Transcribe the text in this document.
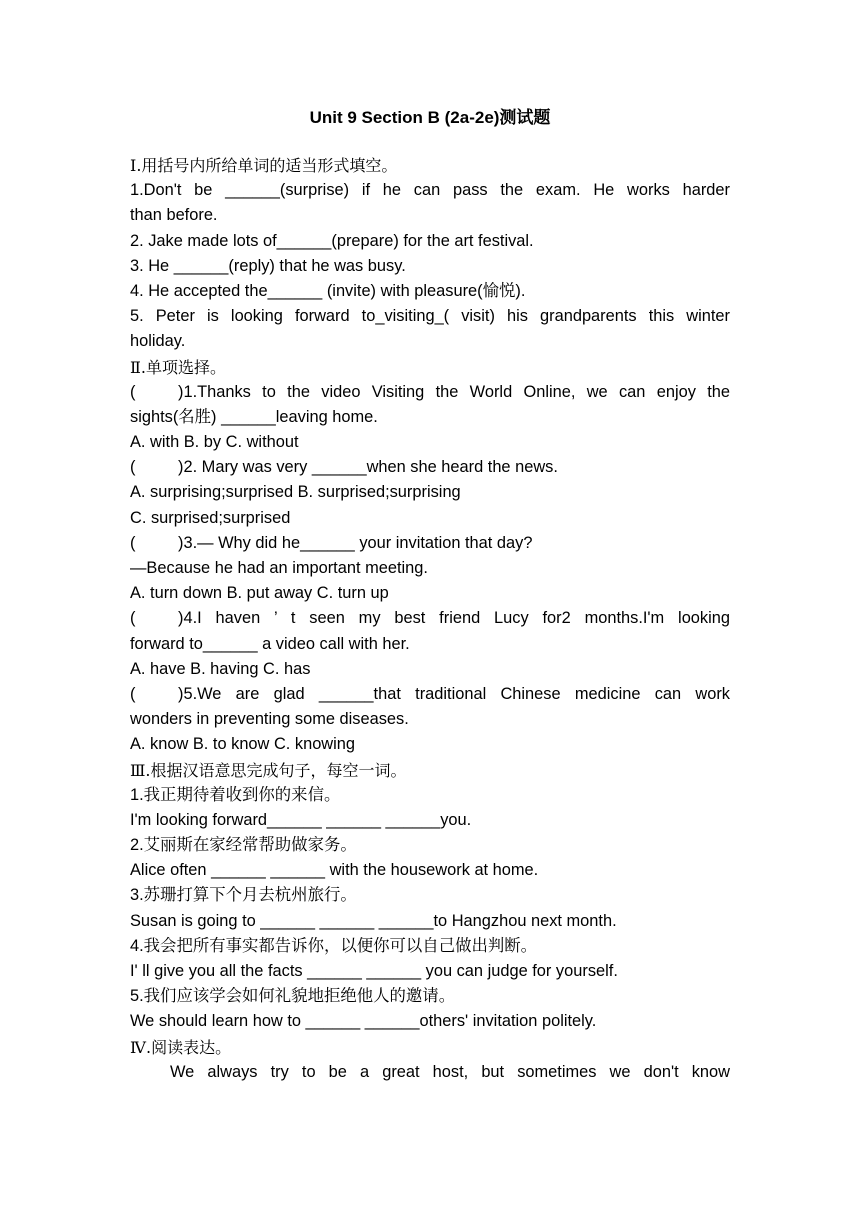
Unit 9 Section B (2a-2e)测试题
Ⅰ.用括号内所给单词的适当形式填空。
1.Don't be ______(surprise) if he can pass the exam. He works harder
than before.
2. Jake made lots of______(prepare) for the art festival.
3. He ______(reply) that he was busy.
4. He accepted the______ (invite) with pleasure(愉悦).
5. Peter is looking forward to_visiting_( visit) his grandparents this winter
holiday.
Ⅱ.单项选择。
(	)1.Thanks to the video Visiting the World Online, we can enjoy the
sights(名胜) ______leaving home.
A. with B. by C. without
(	)2. Mary was very ______when she heard the news.
A. surprising;surprised B. surprised;surprising
C. surprised;surprised
(	)3.— Why did he______ your invitation that day?
—Because he had an important meeting.
A. turn down B. put away C. turn up
(	)4.I haven ’ t seen my best friend Lucy for2 months.I'm looking
forward to______ a video call with her.
A. have B. having C. has
(	)5.We are glad ______that traditional Chinese medicine can work
wonders in preventing some diseases.
A. know B. to know C. knowing
Ⅲ.根据汉语意思完成句子，每空一词。
1.我正期待着收到你的来信。
I'm looking forward______ ______ ______you.
2.艾丽斯在家经常帮助做家务。
Alice often ______ ______ with the housework at home.
3.苏珊打算下个月去杭州旅行。
Susan is going to ______ ______ ______to Hangzhou next month.
4.我会把所有事实都告诉你，以便你可以自己做出判断。
I' ll give you all the facts ______ ______ you can judge for yourself.
5.我们应该学会如何礼貌地拒绝他人的邀请。
We should learn how to ______ ______others' invitation politely.
Ⅳ.阅读表达。
We always try to be a great host, but sometimes we don't know
